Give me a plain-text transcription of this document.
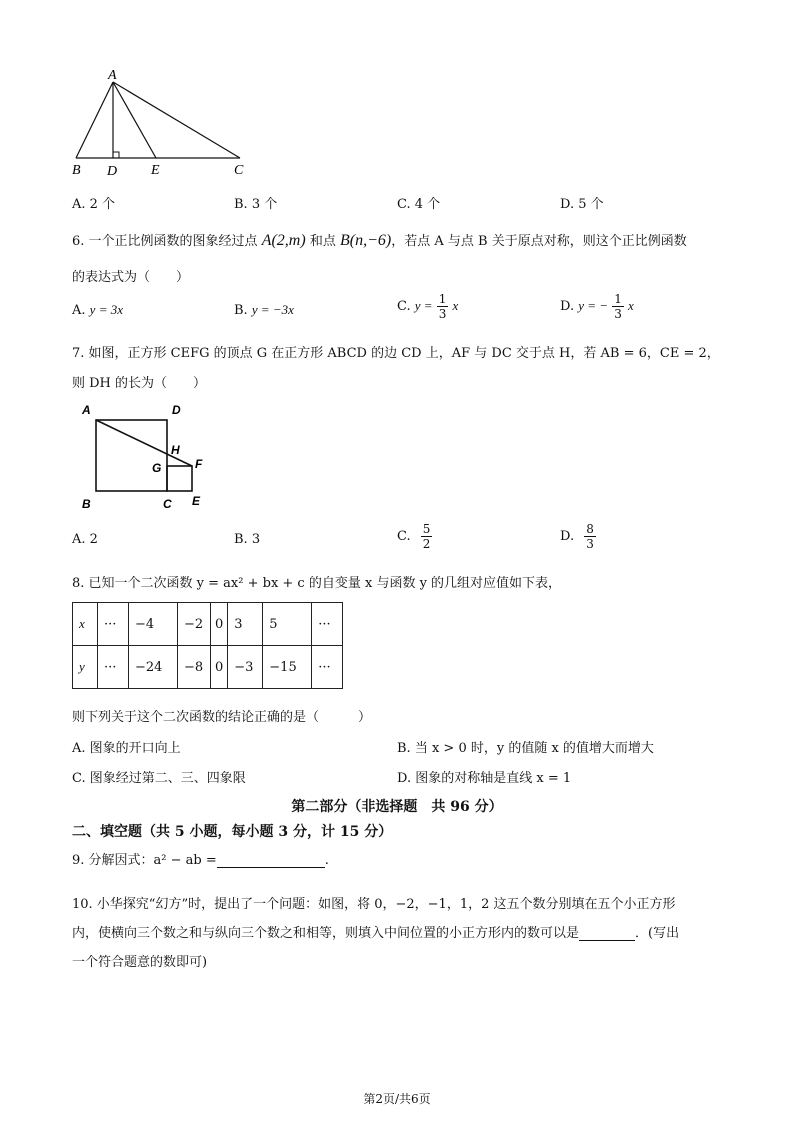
A
B D E	C
A. 2 个	B. 3 个	C. 4 个	D. 5 个
6. 一个正比例函数的图象经过点 A(2,m) 和点 B(n,−6)，若点 A 与点 B 关于原点对称，则这个正比例函数
的表达式为（　　）
A. y = 3x	B. y = −3x	C. $y = \frac{1}{3}$ x	D. y = − $\frac{1}{3}$ x
7. 如图，正方形 CEFG 的顶点 G 在正方形 ABCD 的边 CD 上，AF 与 DC 交于点 H，若 AB = 6，CE = 2，
则 DH 的长为（　　）
A	D
H
G	F
B	C E
A. 2	B. 3	C. $\frac{5}{2}$	D. $\frac{8}{3}$
8. 已知一个二次函数 y = ax² + bx + c 的自变量 x 与函数 y 的几组对应值如下表，
x	···	−4	−2	0	3	5	···
y	···	−24	−8	0	−3	−15	···
则下列关于这个二次函数的结论正确的是（　　　）
A. 图象的开口向上	B. 当 x > 0 时，y 的值随 x 的值增大而增大
C. 图象经过第二、三、四象限	D. 图象的对称轴是直线 x = 1
第二部分（非选择题　共 96 分）
二、填空题（共 5 小题，每小题 3 分，计 15 分）
9. 分解因式：a² − ab =	.
10. 小华探究“幻方”时，提出了一个问题：如图，将 0，−2，−1，1，2 这五个数分别填在五个小正方形
内，使横向三个数之和与纵向三个数之和相等，则填入中间位置的小正方形内的数可以是	．(写出
一个符合题意的数即可)
第2页/共6页
